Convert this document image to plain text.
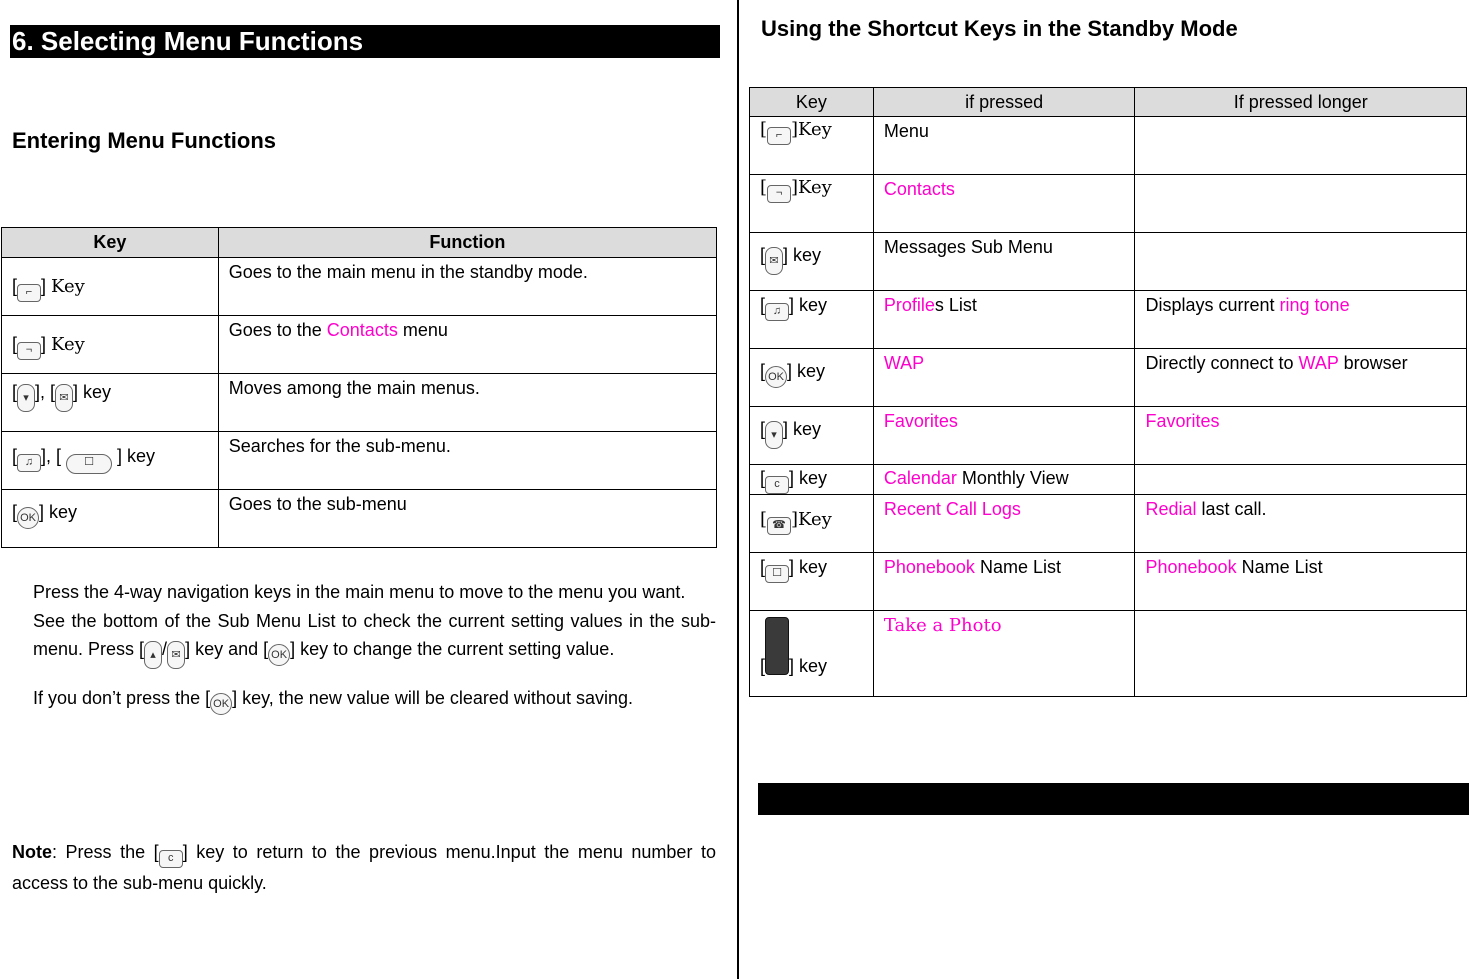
6. Selecting Menu Functions
Entering Menu Functions
Key	Function
[ ⌐ ] Key	Goes to the main menu in the standby mode.
[ ¬ ] Key	Goes to the Contacts menu
[ ▾ ], [ ✉ ] key	Moves among the main menus.
[ ♫ ], [ ☐ ] key	Searches for the sub-menu.
[ OK ] key	Goes to the sub-menu

Press the 4-way navigation keys in the main menu to move to the menu you want.

See the bottom of the Sub Menu List to check the current setting values in the sub-menu. Press [ ▴ / ✉ ] key and [ OK ] key to change the current setting value.

If you don’t press the [ OK ] key, the new value will be cleared without saving.

Note: Press the [ c ] key to return to the previous menu.Input the menu number to access to the sub-menu quickly.
Using the Shortcut Keys in the Standby Mode
Key	if pressed	If pressed longer
[ ⌐ ]Key	Menu	
[ ¬ ]Key	Contacts	
[ ✉ ] key	Messages Sub Menu	
[ ♫ ] key	Profiles List	Displays current ring tone
[ OK ] key	WAP	Directly connect to WAP browser
[ ▾ ] key	Favorites	Favorites
[ c ] key	Calendar Monthly View	
[ ☎ ]Key	Recent Call Logs	Redial last call.
[ ☐ ] key	Phonebook Name List	Phonebook Name List
[ ] key	Take a Photo	
